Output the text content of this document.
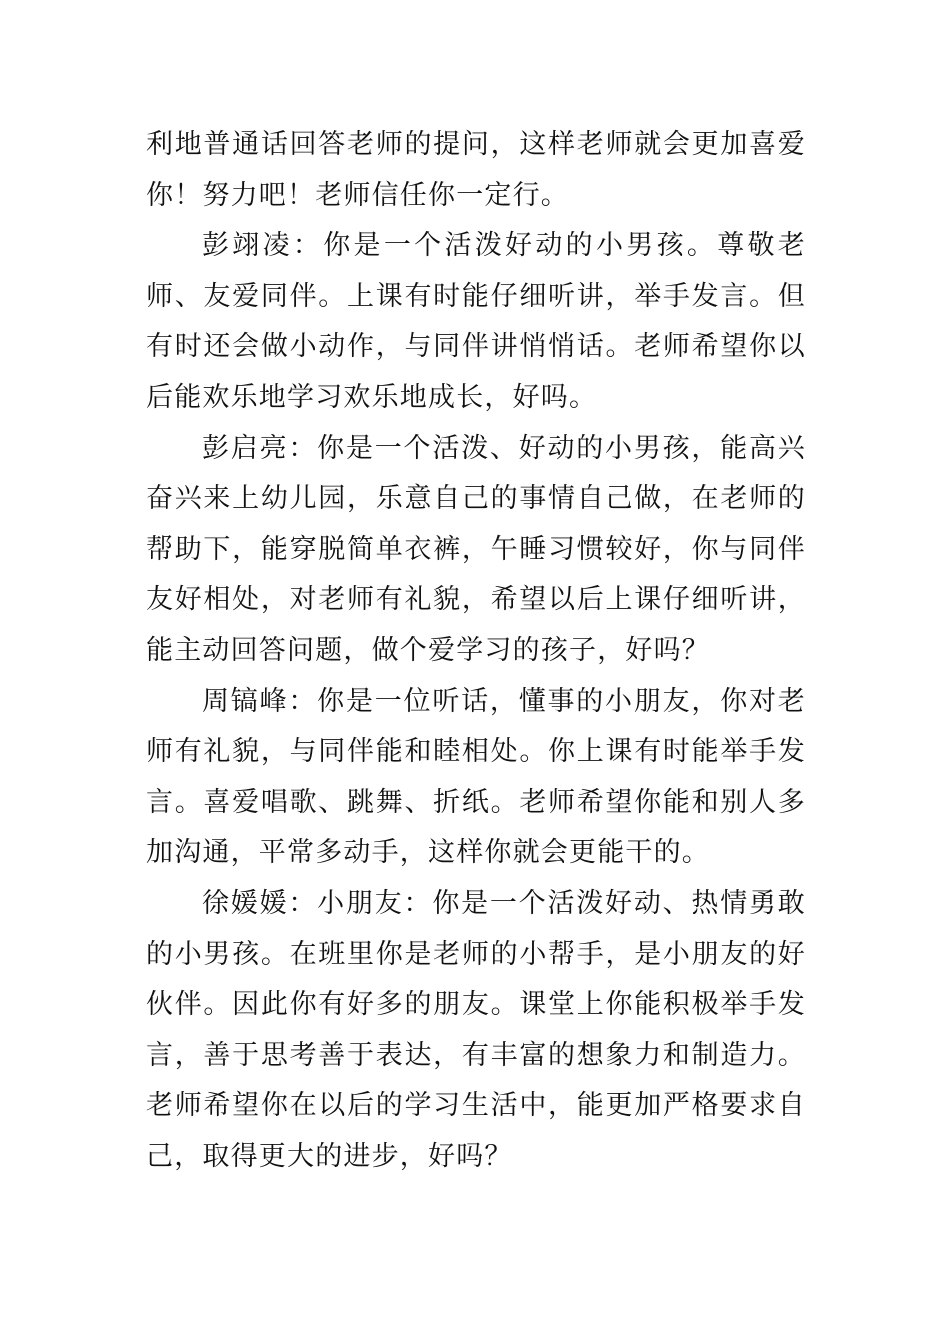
利地普通话回答老师的提问，这样老师就会更加喜爱你！努力吧！老师信任你一定行。

彭翊凌：你是一个活泼好动的小男孩。尊敬老师、友爱同伴。上课有时能仔细听讲，举手发言。但有时还会做小动作，与同伴讲悄悄话。老师希望你以后能欢乐地学习欢乐地成长，好吗。

彭启亮：你是一个活泼、好动的小男孩，能高兴奋兴来上幼儿园，乐意自己的事情自己做，在老师的帮助下，能穿脱简单衣裤，午睡习惯较好，你与同伴友好相处，对老师有礼貌，希望以后上课仔细听讲，能主动回答问题，做个爱学习的孩子，好吗？

周镐峰：你是一位听话，懂事的小朋友，你对老师有礼貌，与同伴能和睦相处。你上课有时能举手发言。喜爱唱歌、跳舞、折纸。老师希望你能和别人多加沟通，平常多动手，这样你就会更能干的。

徐媛媛：小朋友：你是一个活泼好动、热情勇敢的小男孩。在班里你是老师的小帮手，是小朋友的好伙伴。因此你有好多的朋友。课堂上你能积极举手发言，善于思考善于表达，有丰富的想象力和制造力。老师希望你在以后的学习生活中，能更加严格要求自己，取得更大的进步，好吗？
